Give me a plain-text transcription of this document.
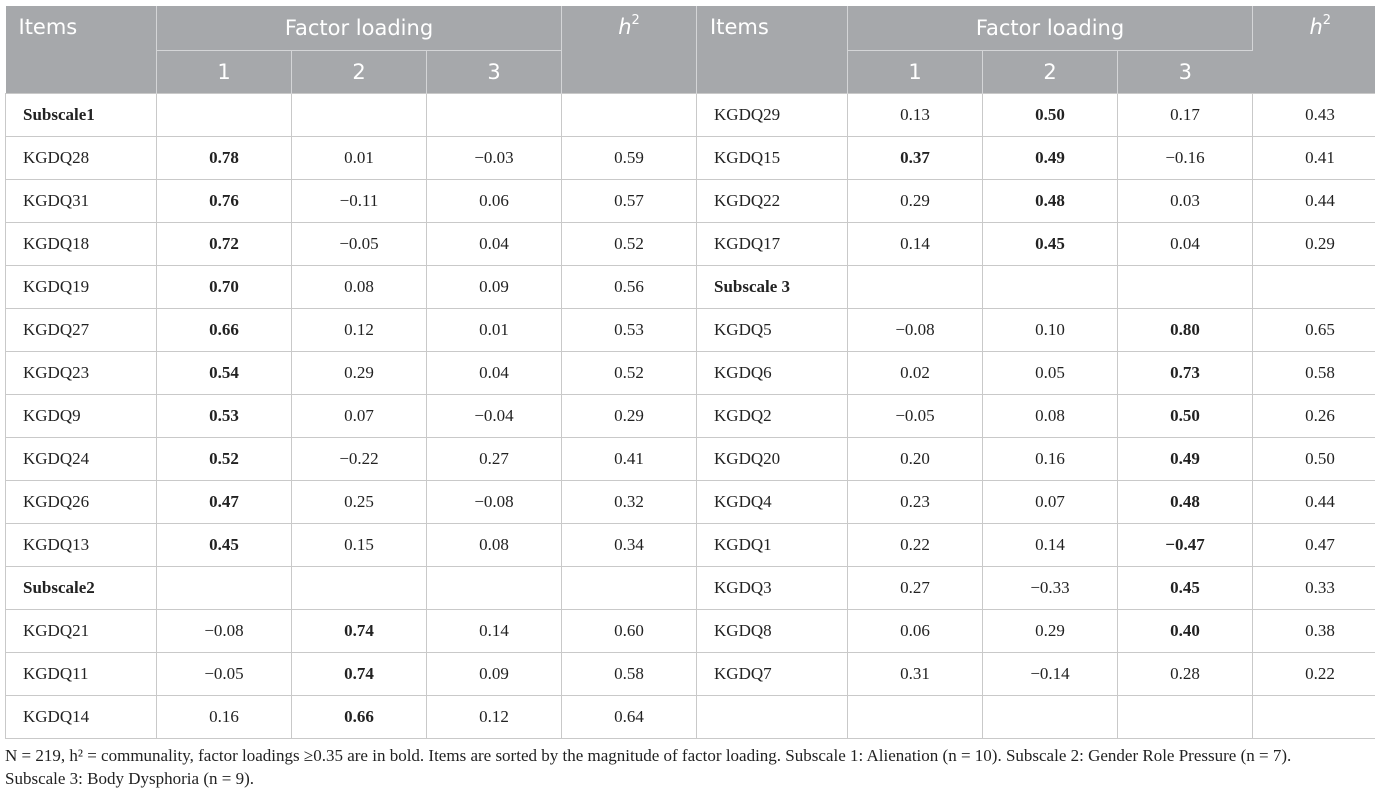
Items	Factor loading			$h^2$	Items	Factor loading			$h^2$
	1	2	3			1	2	3	
Subscale1					KGDQ29	0.13	0.50	0.17	0.43
KGDQ28	0.78	0.01	−0.03	0.59	KGDQ15	0.37	0.49	−0.16	0.41
KGDQ31	0.76	−0.11	0.06	0.57	KGDQ22	0.29	0.48	0.03	0.44
KGDQ18	0.72	−0.05	0.04	0.52	KGDQ17	0.14	0.45	0.04	0.29
KGDQ19	0.70	0.08	0.09	0.56	Subscale 3				
KGDQ27	0.66	0.12	0.01	0.53	KGDQ5	−0.08	0.10	0.80	0.65
KGDQ23	0.54	0.29	0.04	0.52	KGDQ6	0.02	0.05	0.73	0.58
KGDQ9	0.53	0.07	−0.04	0.29	KGDQ2	−0.05	0.08	0.50	0.26
KGDQ24	0.52	−0.22	0.27	0.41	KGDQ20	0.20	0.16	0.49	0.50
KGDQ26	0.47	0.25	−0.08	0.32	KGDQ4	0.23	0.07	0.48	0.44
KGDQ13	0.45	0.15	0.08	0.34	KGDQ1	0.22	0.14	−0.47	0.47
Subscale2					KGDQ3	0.27	−0.33	0.45	0.33
KGDQ21	−0.08	0.74	0.14	0.60	KGDQ8	0.06	0.29	0.40	0.38
KGDQ11	−0.05	0.74	0.09	0.58	KGDQ7	0.31	−0.14	0.28	0.22
KGDQ14	0.16	0.66	0.12	0.64					
N = 219, h² = communality, factor loadings ≥0.35 are in bold. Items are sorted by the magnitude of factor loading. Subscale 1: Alienation (n = 10). Subscale 2: Gender Role Pressure (n = 7).
Subscale 3: Body Dysphoria (n = 9).
